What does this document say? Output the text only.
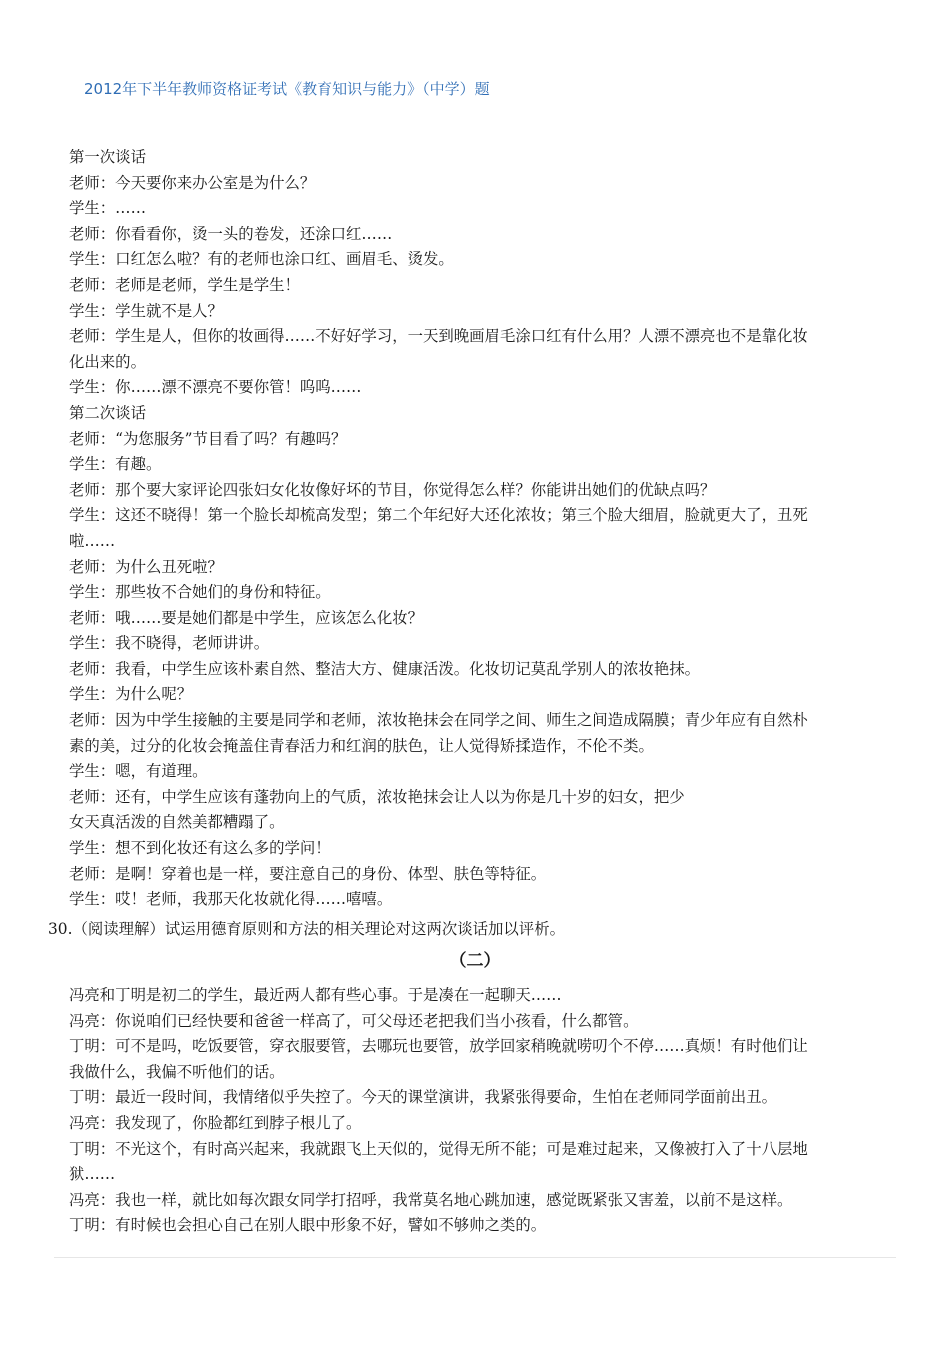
2012年下半年教师资格证考试《教育知识与能力》（中学）题
第一次谈话
老师：今天要你来办公室是为什么？
学生：……
老师：你看看你，烫一头的卷发，还涂口红……
学生：口红怎么啦？有的老师也涂口红、画眉毛、烫发。
老师：老师是老师，学生是学生！
学生：学生就不是人？
老师：学生是人，但你的妆画得……不好好学习，一天到晚画眉毛涂口红有什么用？人漂不漂亮也不是靠化妆
化出来的。
学生：你……漂不漂亮不要你管！呜呜……
第二次谈话
老师：“为您服务”节目看了吗？有趣吗？
学生：有趣。
老师：那个要大家评论四张妇女化妆像好坏的节目，你觉得怎么样？你能讲出她们的优缺点吗？
学生：这还不晓得！第一个脸长却梳高发型；第二个年纪好大还化浓妆；第三个脸大细眉，脸就更大了，丑死
啦……
老师：为什么丑死啦？
学生：那些妆不合她们的身份和特征。
老师：哦……要是她们都是中学生，应该怎么化妆？
学生：我不晓得，老师讲讲。
老师：我看，中学生应该朴素自然、整洁大方、健康活泼。化妆切记莫乱学别人的浓妆艳抹。
学生：为什么呢？
老师：因为中学生接触的主要是同学和老师，浓妆艳抹会在同学之间、师生之间造成隔膜；青少年应有自然朴
素的美，过分的化妆会掩盖住青春活力和红润的肤色，让人觉得矫揉造作，不伦不类。
学生：嗯，有道理。
老师：还有，中学生应该有蓬勃向上的气质，浓妆艳抹会让人以为你是几十岁的妇女，把少
女天真活泼的自然美都糟蹋了。
学生：想不到化妆还有这么多的学问！
老师：是啊！穿着也是一样，要注意自己的身份、体型、肤色等特征。
学生：哎！老师，我那天化妆就化得……嘻嘻。
30.（阅读理解）试运用德育原则和方法的相关理论对这两次谈话加以评析。
（二）
冯亮和丁明是初二的学生，最近两人都有些心事。于是凑在一起聊天……
冯亮：你说咱们已经快要和爸爸一样高了，可父母还老把我们当小孩看，什么都管。
丁明：可不是吗，吃饭要管，穿衣服要管，去哪玩也要管，放学回家稍晚就唠叨个不停……真烦！有时他们让
我做什么，我偏不听他们的话。
丁明：最近一段时间，我情绪似乎失控了。今天的课堂演讲，我紧张得要命，生怕在老师同学面前出丑。
冯亮：我发现了，你脸都红到脖子根儿了。
丁明：不光这个，有时高兴起来，我就跟飞上天似的，觉得无所不能；可是难过起来，又像被打入了十八层地
狱……
冯亮：我也一样，就比如每次跟女同学打招呼，我常莫名地心跳加速，感觉既紧张又害羞，以前不是这样。
丁明：有时候也会担心自己在别人眼中形象不好，譬如不够帅之类的。
